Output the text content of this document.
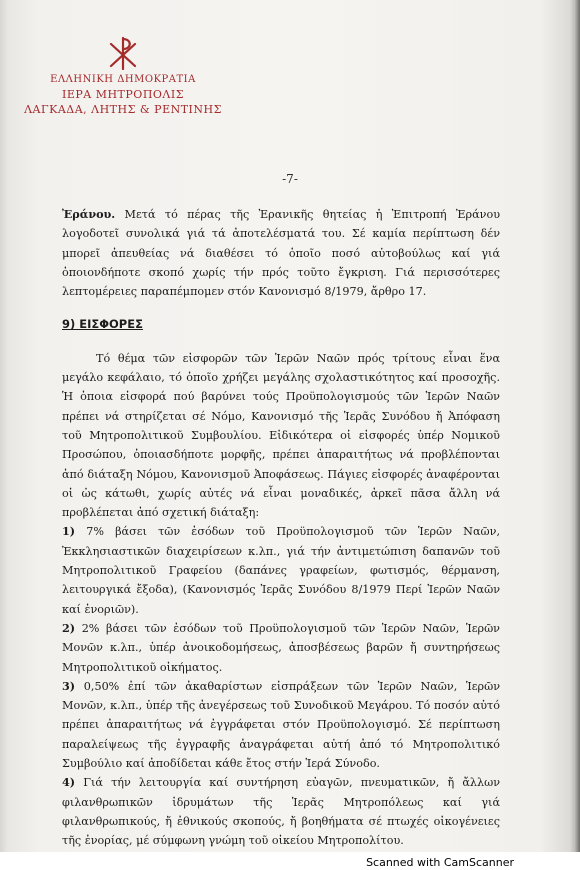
ΕΛΛΗΝΙΚΗ ΔΗΜΟΚΡΑΤΙΑ
ΙΕΡΑ ΜΗΤΡΟΠΟΛΙΣ
ΛΑΓΚΑΔΑ, ΛΗΤΗΣ & ΡΕΝΤΙΝΗΣ
-7-

Ἐράνου. Μετά τό πέρας τῆς Ἐρανικῆς θητείας ἡ Ἐπιτροπή Ἐράνου λογοδοτεῖ συνολικά γιά τά ἀποτελέσματά του. Σέ καμία περίπτωση δέν μπορεῖ ἀπευθείας νά διαθέσει τό ὁποῖο ποσό αὐτοβούλως καί γιά ὁποιονδήποτε σκοπό χωρίς τήν πρός τοῦτο ἔγκριση. Γιά περισσότερες λεπτομέρειες παραπέμπομεν στόν Κανονισμό 8/1979, ἄρθρο 17.

9) ΕΙΣΦΟΡΕΣ

Τό θέμα τῶν εἰσφορῶν τῶν Ἱερῶν Ναῶν πρός τρίτους εἶναι ἕνα μεγάλο κεφάλαιο, τό ὁποῖο χρήζει μεγάλης σχολαστικότητος καί προσοχῆς. Ἡ ὁποια εἰσφορά πού βαρύνει τούς Προϋπολογισμούς τῶν Ἱερῶν Ναῶν πρέπει νά στηρίζεται σέ Νόμο, Κανονισμό τῆς Ἱερᾶς Συνόδου ἤ Ἀπόφαση τοῦ Μητροπολιτικοῦ Συμβουλίου. Εἰδικότερα οἱ εἰσφορές ὑπέρ Νομικοῦ Προσώπου, ὁποιασδήποτε μορφῆς, πρέπει ἀπαραιτήτως νά προβλέπονται ἀπό διάταξη Νόμου, Κανονισμοῦ Ἀποφάσεως. Πάγιες εἰσφορές ἀναφέρονται οἱ ὡς κάτωθι, χωρίς αὐτές νά εἶναι μοναδικές, ἀρκεῖ πᾶσα ἄλλη νά προβλέπεται ἀπό σχετική διάταξη:

1) 7% βάσει τῶν ἐσόδων τοῦ Προϋπολογισμοῦ τῶν Ἱερῶν Ναῶν, Ἐκκλησιαστικῶν διαχειρίσεων κ.λπ., γιά τήν ἀντιμετώπιση δαπανῶν τοῦ Μητροπολιτικοῦ Γραφείου (δαπάνες γραφείων, φωτισμός, θέρμανση, λειτουργικά ἔξοδα), (Κανονισμός Ἱερᾶς Συνόδου 8/1979 Περί Ἱερῶν Ναῶν καί ἐνοριῶν).

2) 2% βάσει τῶν ἐσόδων τοῦ Προϋπολογισμοῦ τῶν Ἱερῶν Ναῶν, Ἱερῶν Μονῶν κ.λπ., ὑπέρ ἀνοικοδομήσεως, ἀποσβέσεως βαρῶν ἤ συντηρήσεως Μητροπολιτικοῦ οἰκήματος.

3) 0,50% ἐπί τῶν ἀκαθαρίστων εἰσπράξεων τῶν Ἱερῶν Ναῶν, Ἱερῶν Μονῶν, κ.λπ., ὑπέρ τῆς ἀνεγέρσεως τοῦ Συνοδικοῦ Μεγάρου. Τό ποσόν αὐτό πρέπει ἀπαραιτήτως νά ἐγγράφεται στόν Προϋπολογισμό. Σέ περίπτωση παραλείψεως τῆς ἐγγραφῆς ἀναγράφεται αὐτή ἀπό τό Μητροπολιτικό Συμβούλιο καί ἀποδίδεται κάθε ἔτος στήν Ἱερά Σύνοδο.

4) Γιά τήν λειτουργία καί συντήρηση εὐαγῶν, πνευματικῶν, ἤ ἄλλων φιλανθρωπικῶν ἱδρυμάτων τῆς Ἱερᾶς Μητροπόλεως καί γιά φιλανθρωπικούς, ἤ ἐθνικούς σκοπούς, ἤ βοηθήματα σέ πτωχές οἰκογένειες τῆς ἐνορίας, μέ σύμφωνη γνώμη τοῦ οἰκείου Μητροπολίτου.

Scanned with CamScanner
